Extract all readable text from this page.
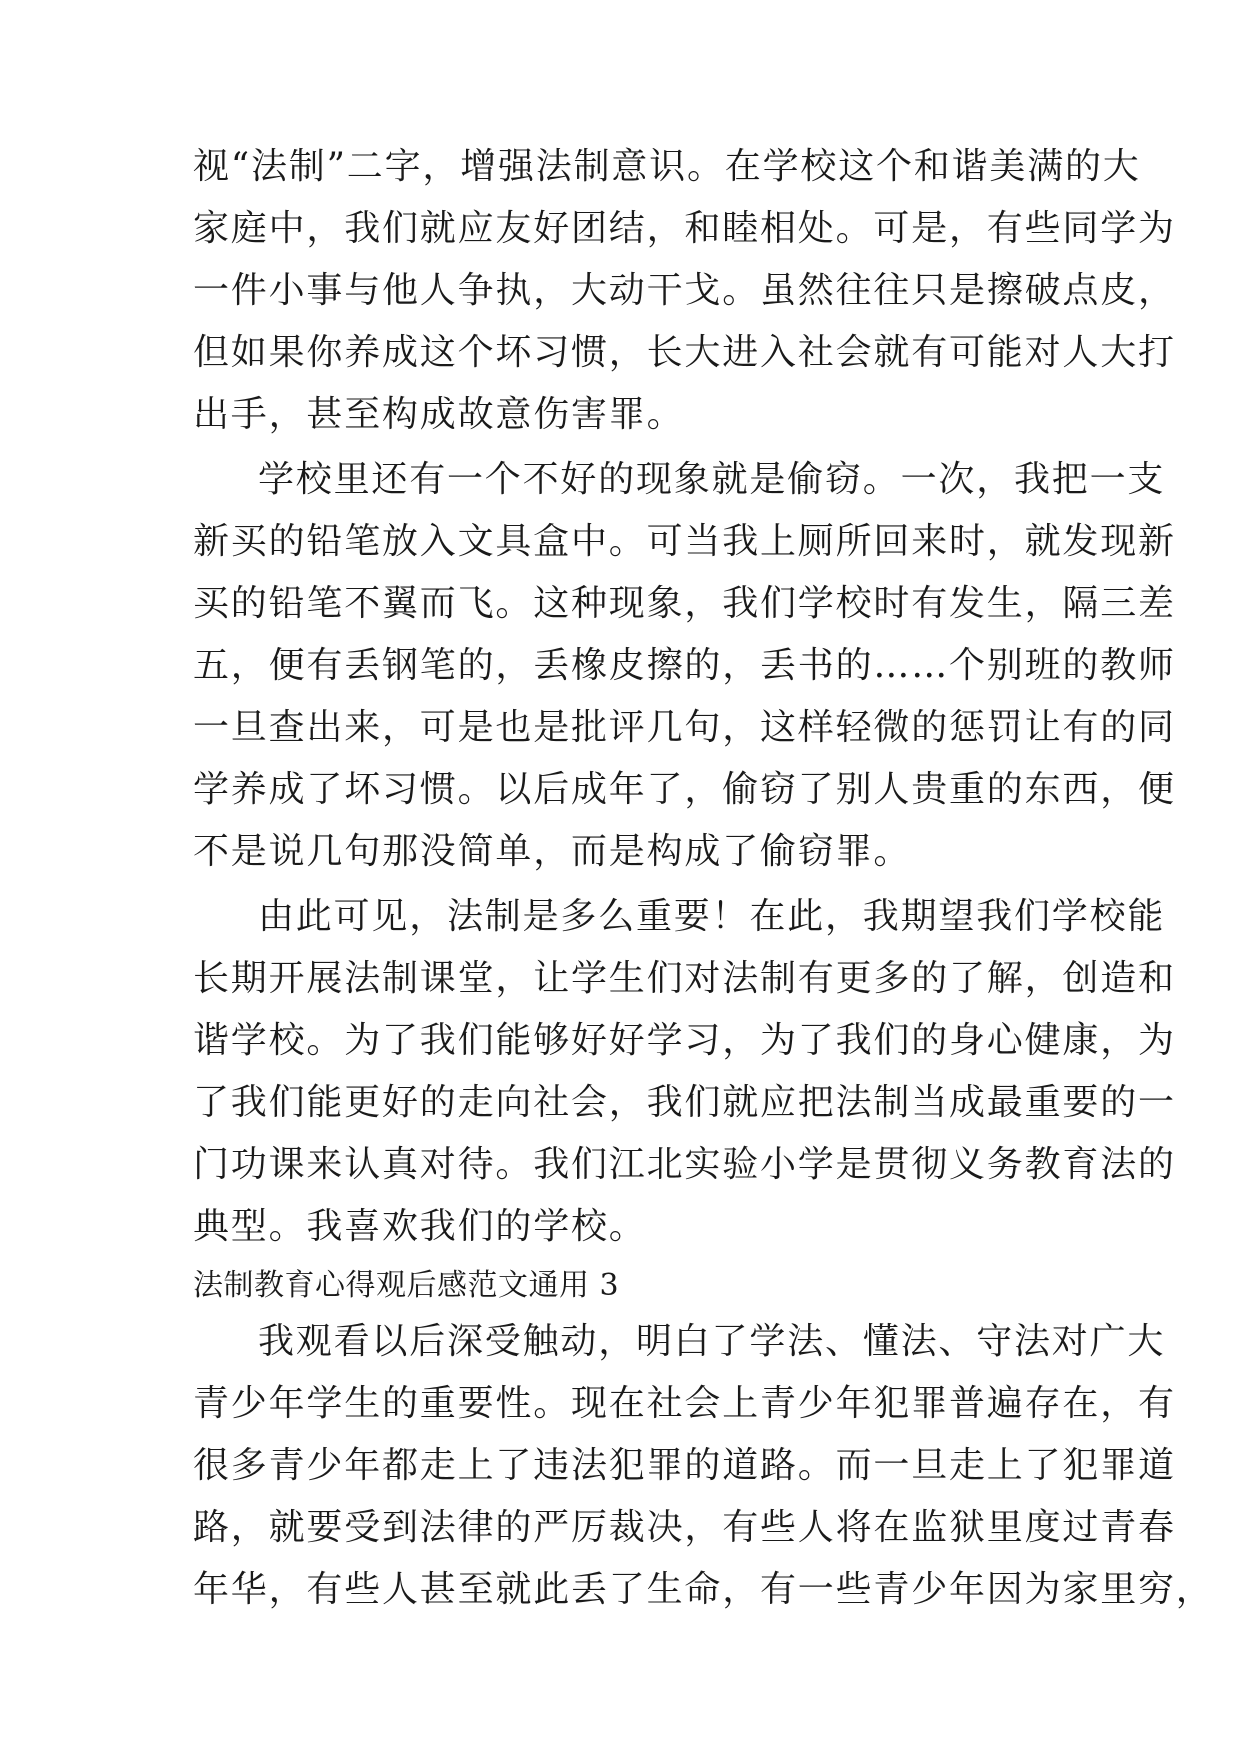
视“法制”二字，增强法制意识。在学校这个和谐美满的大
家庭中，我们就应友好团结，和睦相处。可是，有些同学为
一件小事与他人争执，大动干戈。虽然往往只是擦破点皮，
但如果你养成这个坏习惯，长大进入社会就有可能对人大打
出手，甚至构成故意伤害罪。
学校里还有一个不好的现象就是偷窃。一次，我把一支
新买的铅笔放入文具盒中。可当我上厕所回来时，就发现新
买的铅笔不翼而飞。这种现象，我们学校时有发生，隔三差
五，便有丢钢笔的，丢橡皮擦的，丢书的……个别班的教师
一旦查出来，可是也是批评几句，这样轻微的惩罚让有的同
学养成了坏习惯。以后成年了，偷窃了别人贵重的东西，便
不是说几句那没简单，而是构成了偷窃罪。
由此可见，法制是多么重要！在此，我期望我们学校能
长期开展法制课堂，让学生们对法制有更多的了解，创造和
谐学校。为了我们能够好好学习，为了我们的身心健康，为
了我们能更好的走向社会，我们就应把法制当成最重要的一
门功课来认真对待。我们江北实验小学是贯彻义务教育法的
典型。我喜欢我们的学校。
法制教育心得观后感范文通用 3
我观看以后深受触动，明白了学法、懂法、守法对广大
青少年学生的重要性。现在社会上青少年犯罪普遍存在，有
很多青少年都走上了违法犯罪的道路。而一旦走上了犯罪道
路，就要受到法律的严厉裁决，有些人将在监狱里度过青春
年华，有些人甚至就此丢了生命，有一些青少年因为家里穷，
